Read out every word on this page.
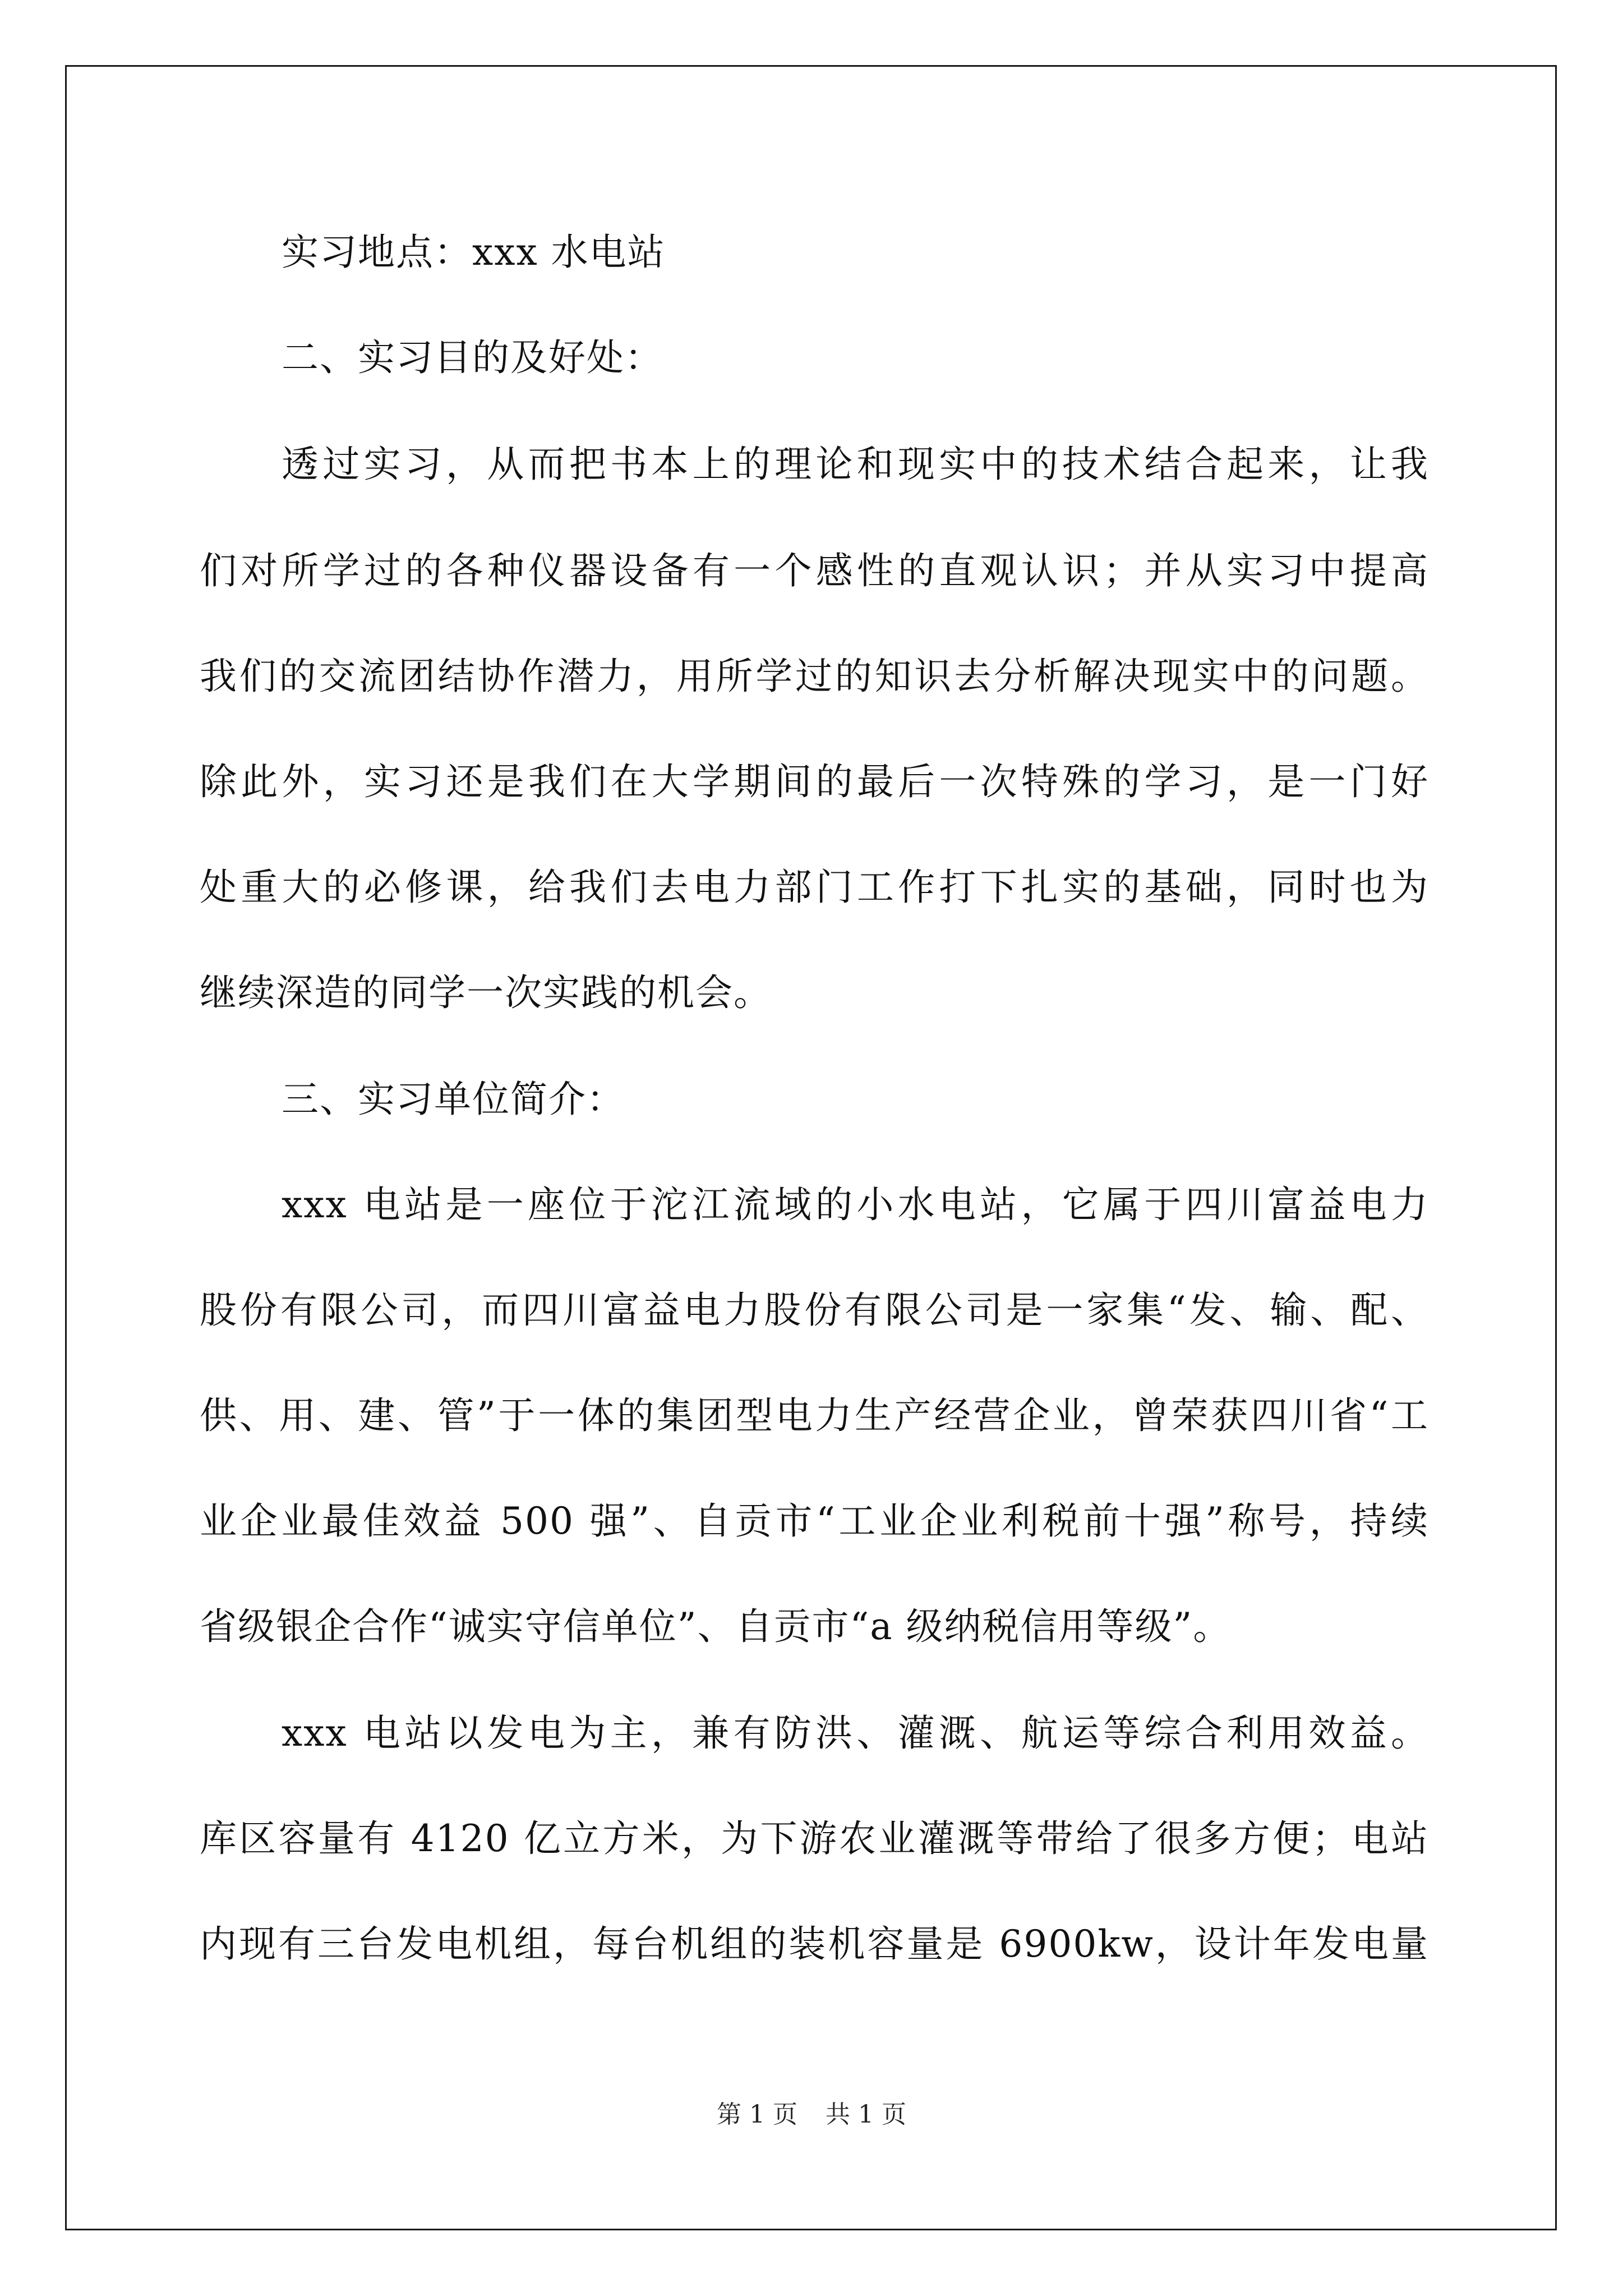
实习地点：xxx 水电站
二、实习目的及好处：
透过实习，从而把书本上的理论和现实中的技术结合起来，让我
们对所学过的各种仪器设备有一个感性的直观认识；并从实习中提高
我们的交流团结协作潜力，用所学过的知识去分析解决现实中的问题。
除此外，实习还是我们在大学期间的最后一次特殊的学习，是一门好
处重大的必修课，给我们去电力部门工作打下扎实的基础，同时也为
继续深造的同学一次实践的机会。
三、实习单位简介：
xxx 电站是一座位于沱江流域的小水电站，它属于四川富益电力
股份有限公司，而四川富益电力股份有限公司是一家集“发、输、配、
供、用、建、管”于一体的集团型电力生产经营企业，曾荣获四川省“工
业企业最佳效益 500 强”、自贡市“工业企业利税前十强”称号，持续
省级银企合作“诚实守信单位”、自贡市“a 级纳税信用等级”。
xxx 电站以发电为主，兼有防洪、灌溉、航运等综合利用效益。
库区容量有 4120 亿立方米，为下游农业灌溉等带给了很多方便；电站
内现有三台发电机组，每台机组的装机容量是 6900kw，设计年发电量
第 1 页 共 1 页
